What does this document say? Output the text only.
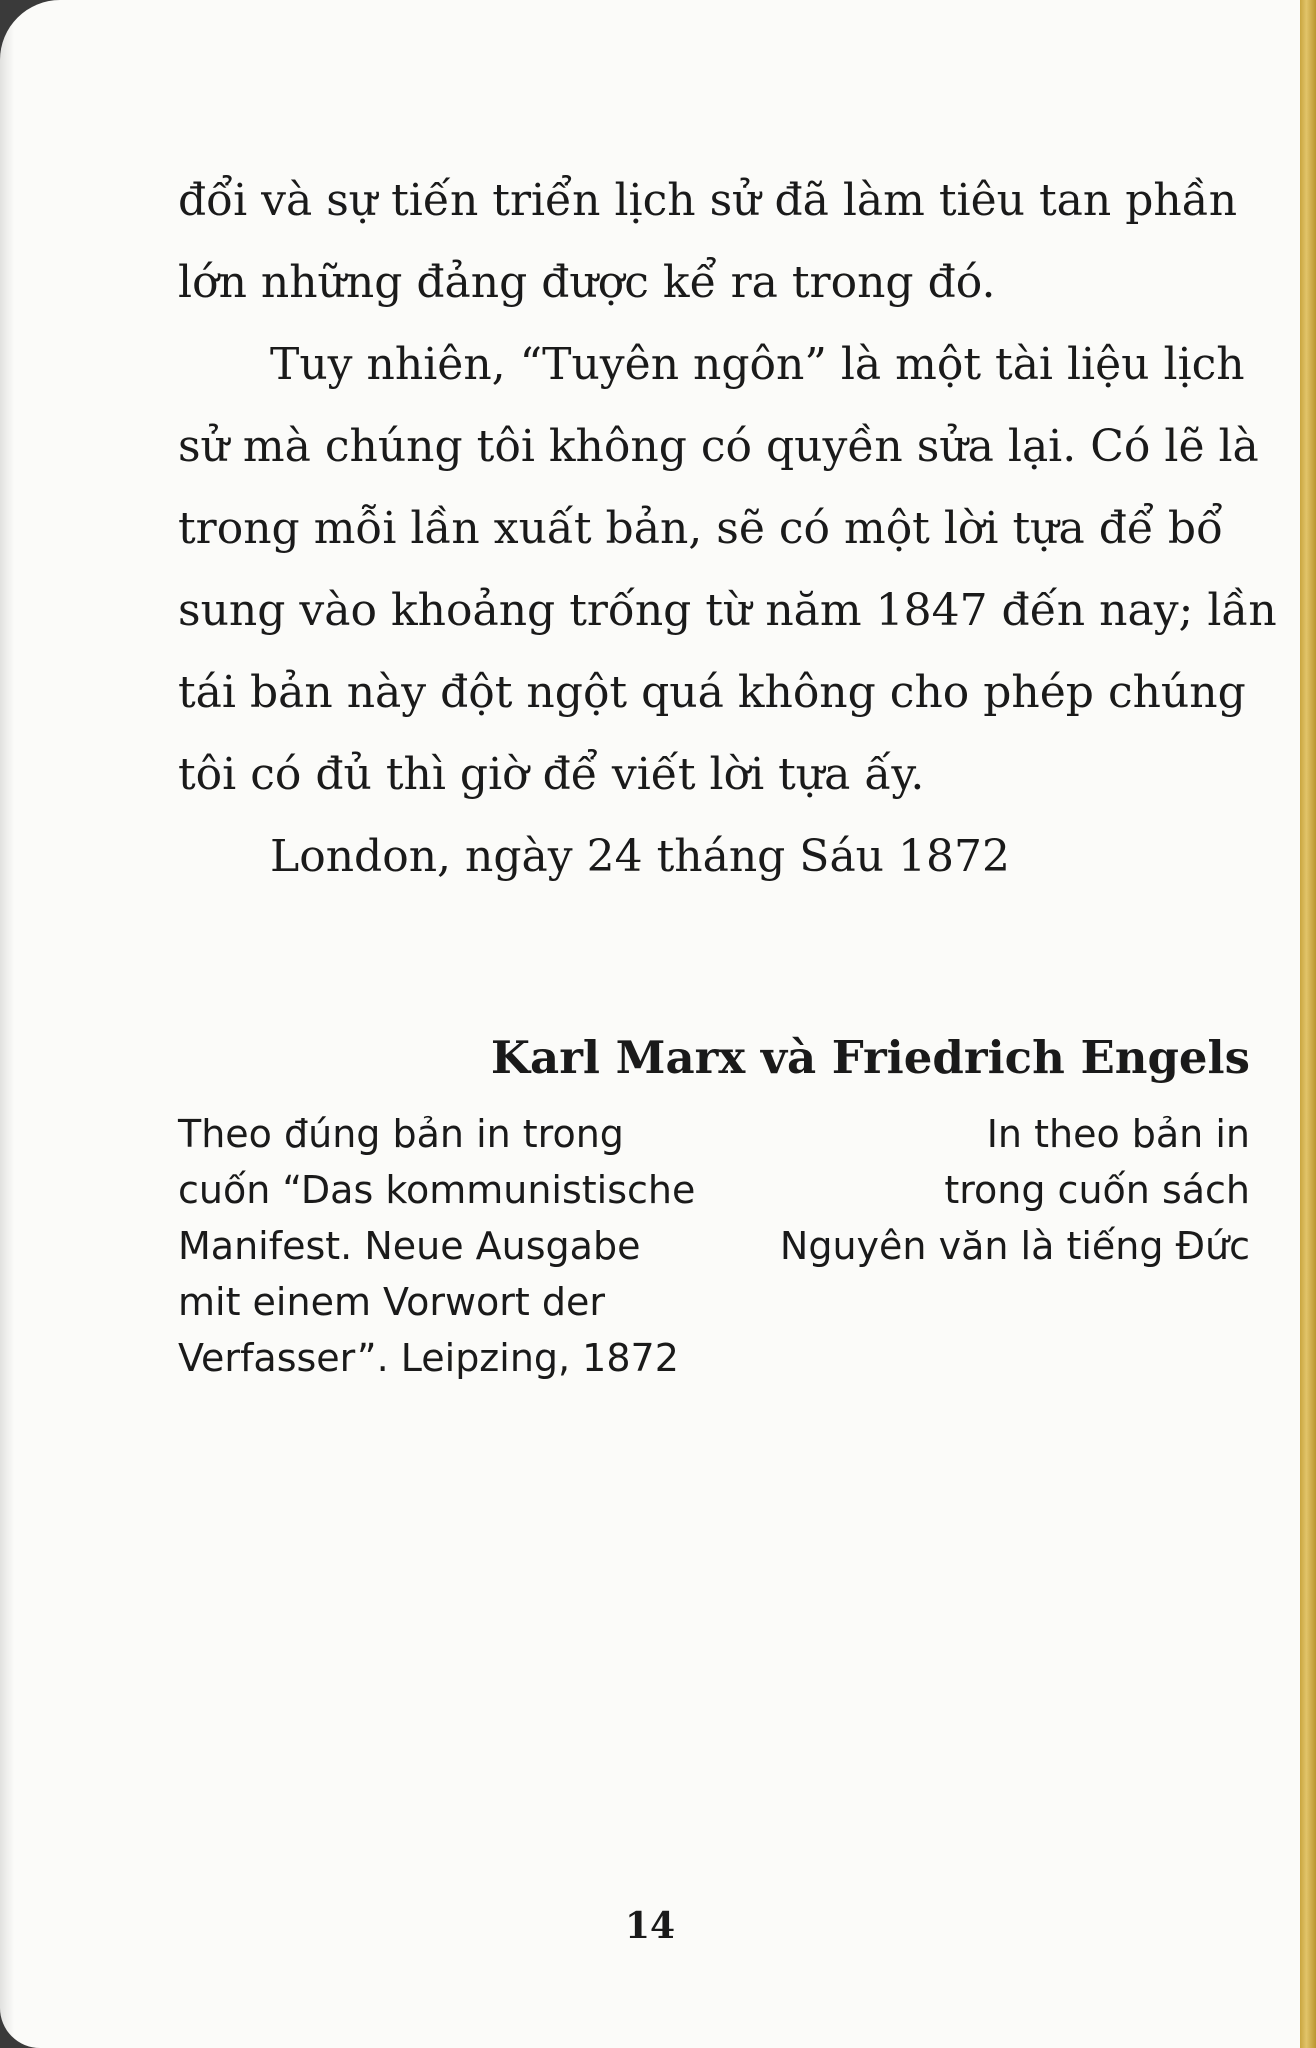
đổi và sự tiến triển lịch sử đã làm tiêu tan phần
lớn những đảng được kể ra trong đó.

Tuy nhiên, “Tuyên ngôn” là một tài liệu lịch
sử mà chúng tôi không có quyền sửa lại. Có lẽ là
trong mỗi lần xuất bản, sẽ có một lời tựa để bổ
sung vào khoảng trống từ năm 1847 đến nay; lần
tái bản này đột ngột quá không cho phép chúng
tôi có đủ thì giờ để viết lời tựa ấy.

London, ngày 24 tháng Sáu 1872

Karl Marx và Friedrich Engels

Theo đúng bản in trong
cuốn “Das kommunistische
Manifest. Neue Ausgabe
mit einem Vorwort der
Verfasser”. Leipzing, 1872
In theo bản in
trong cuốn sách
Nguyên văn là tiếng Đức
14
